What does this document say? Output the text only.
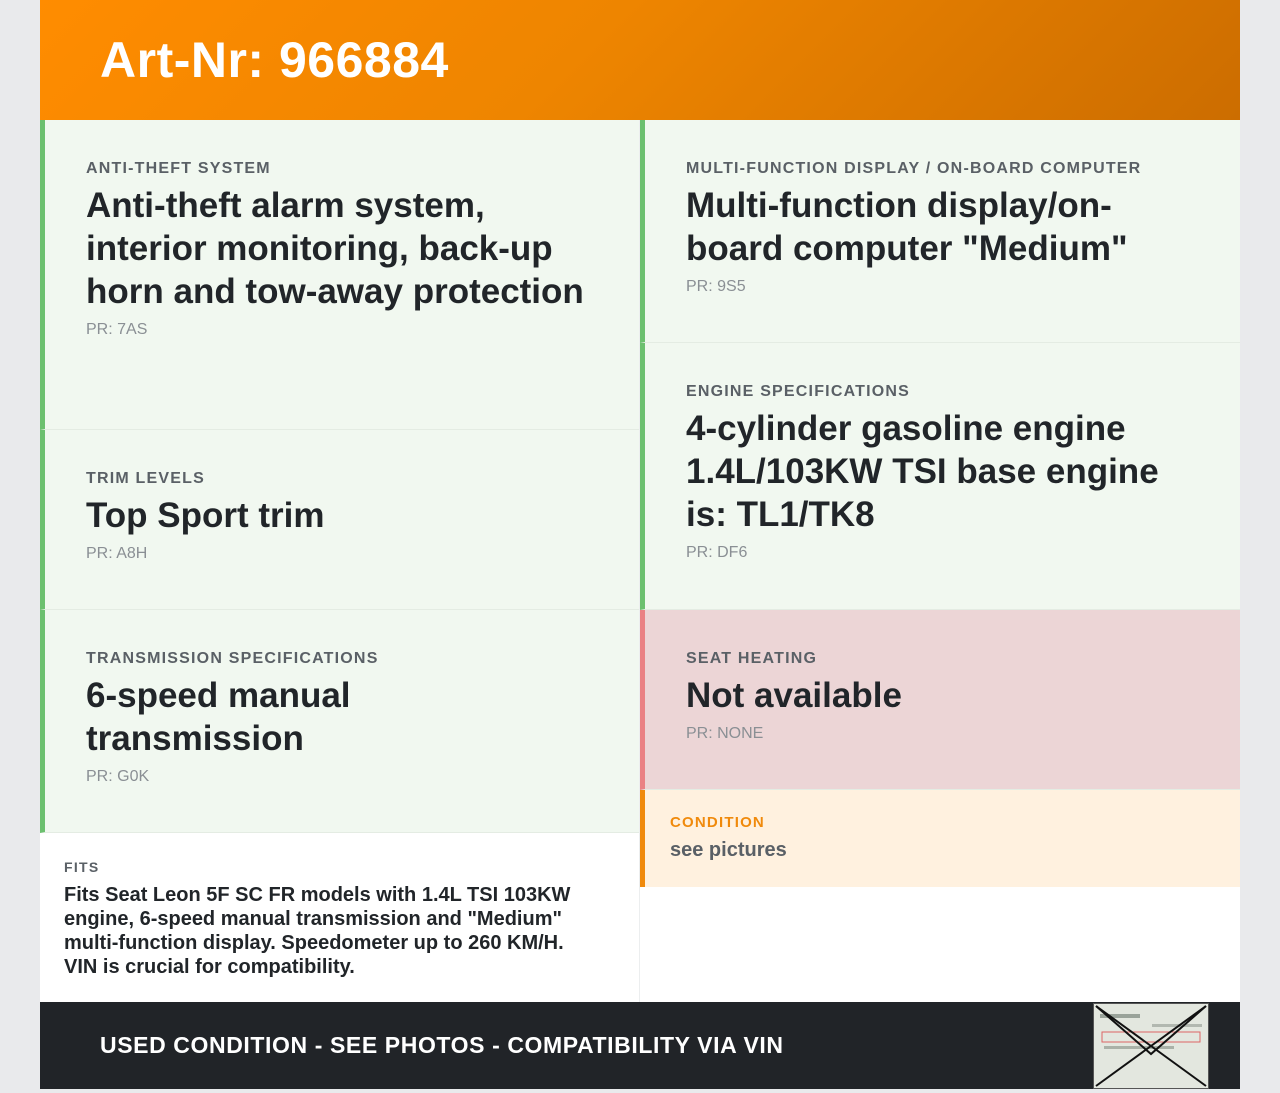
Art-Nr: 966884
ANTI-THEFT SYSTEM
Anti-theft alarm system, interior monitoring, back-up horn and tow-away protection
PR: 7AS
TRIM LEVELS
Top Sport trim
PR: A8H
TRANSMISSION SPECIFICATIONS
6-speed manual transmission
PR: G0K
FITS
Fits Seat Leon 5F SC FR models with 1.4L TSI 103KW engine, 6-speed manual transmission and "Medium" multi-function display. Speedometer up to 260 KM/H. VIN is crucial for compatibility.
MULTI-FUNCTION DISPLAY / ON-BOARD COMPUTER
Multi-function display/on-board computer "Medium"
PR: 9S5
ENGINE SPECIFICATIONS
4-cylinder gasoline engine 1.4L/103KW TSI base engine is: TL1/TK8
PR: DF6
SEAT HEATING
Not available
PR: NONE
CONDITION
see pictures
USED CONDITION - SEE PHOTOS - COMPATIBILITY VIA VIN
